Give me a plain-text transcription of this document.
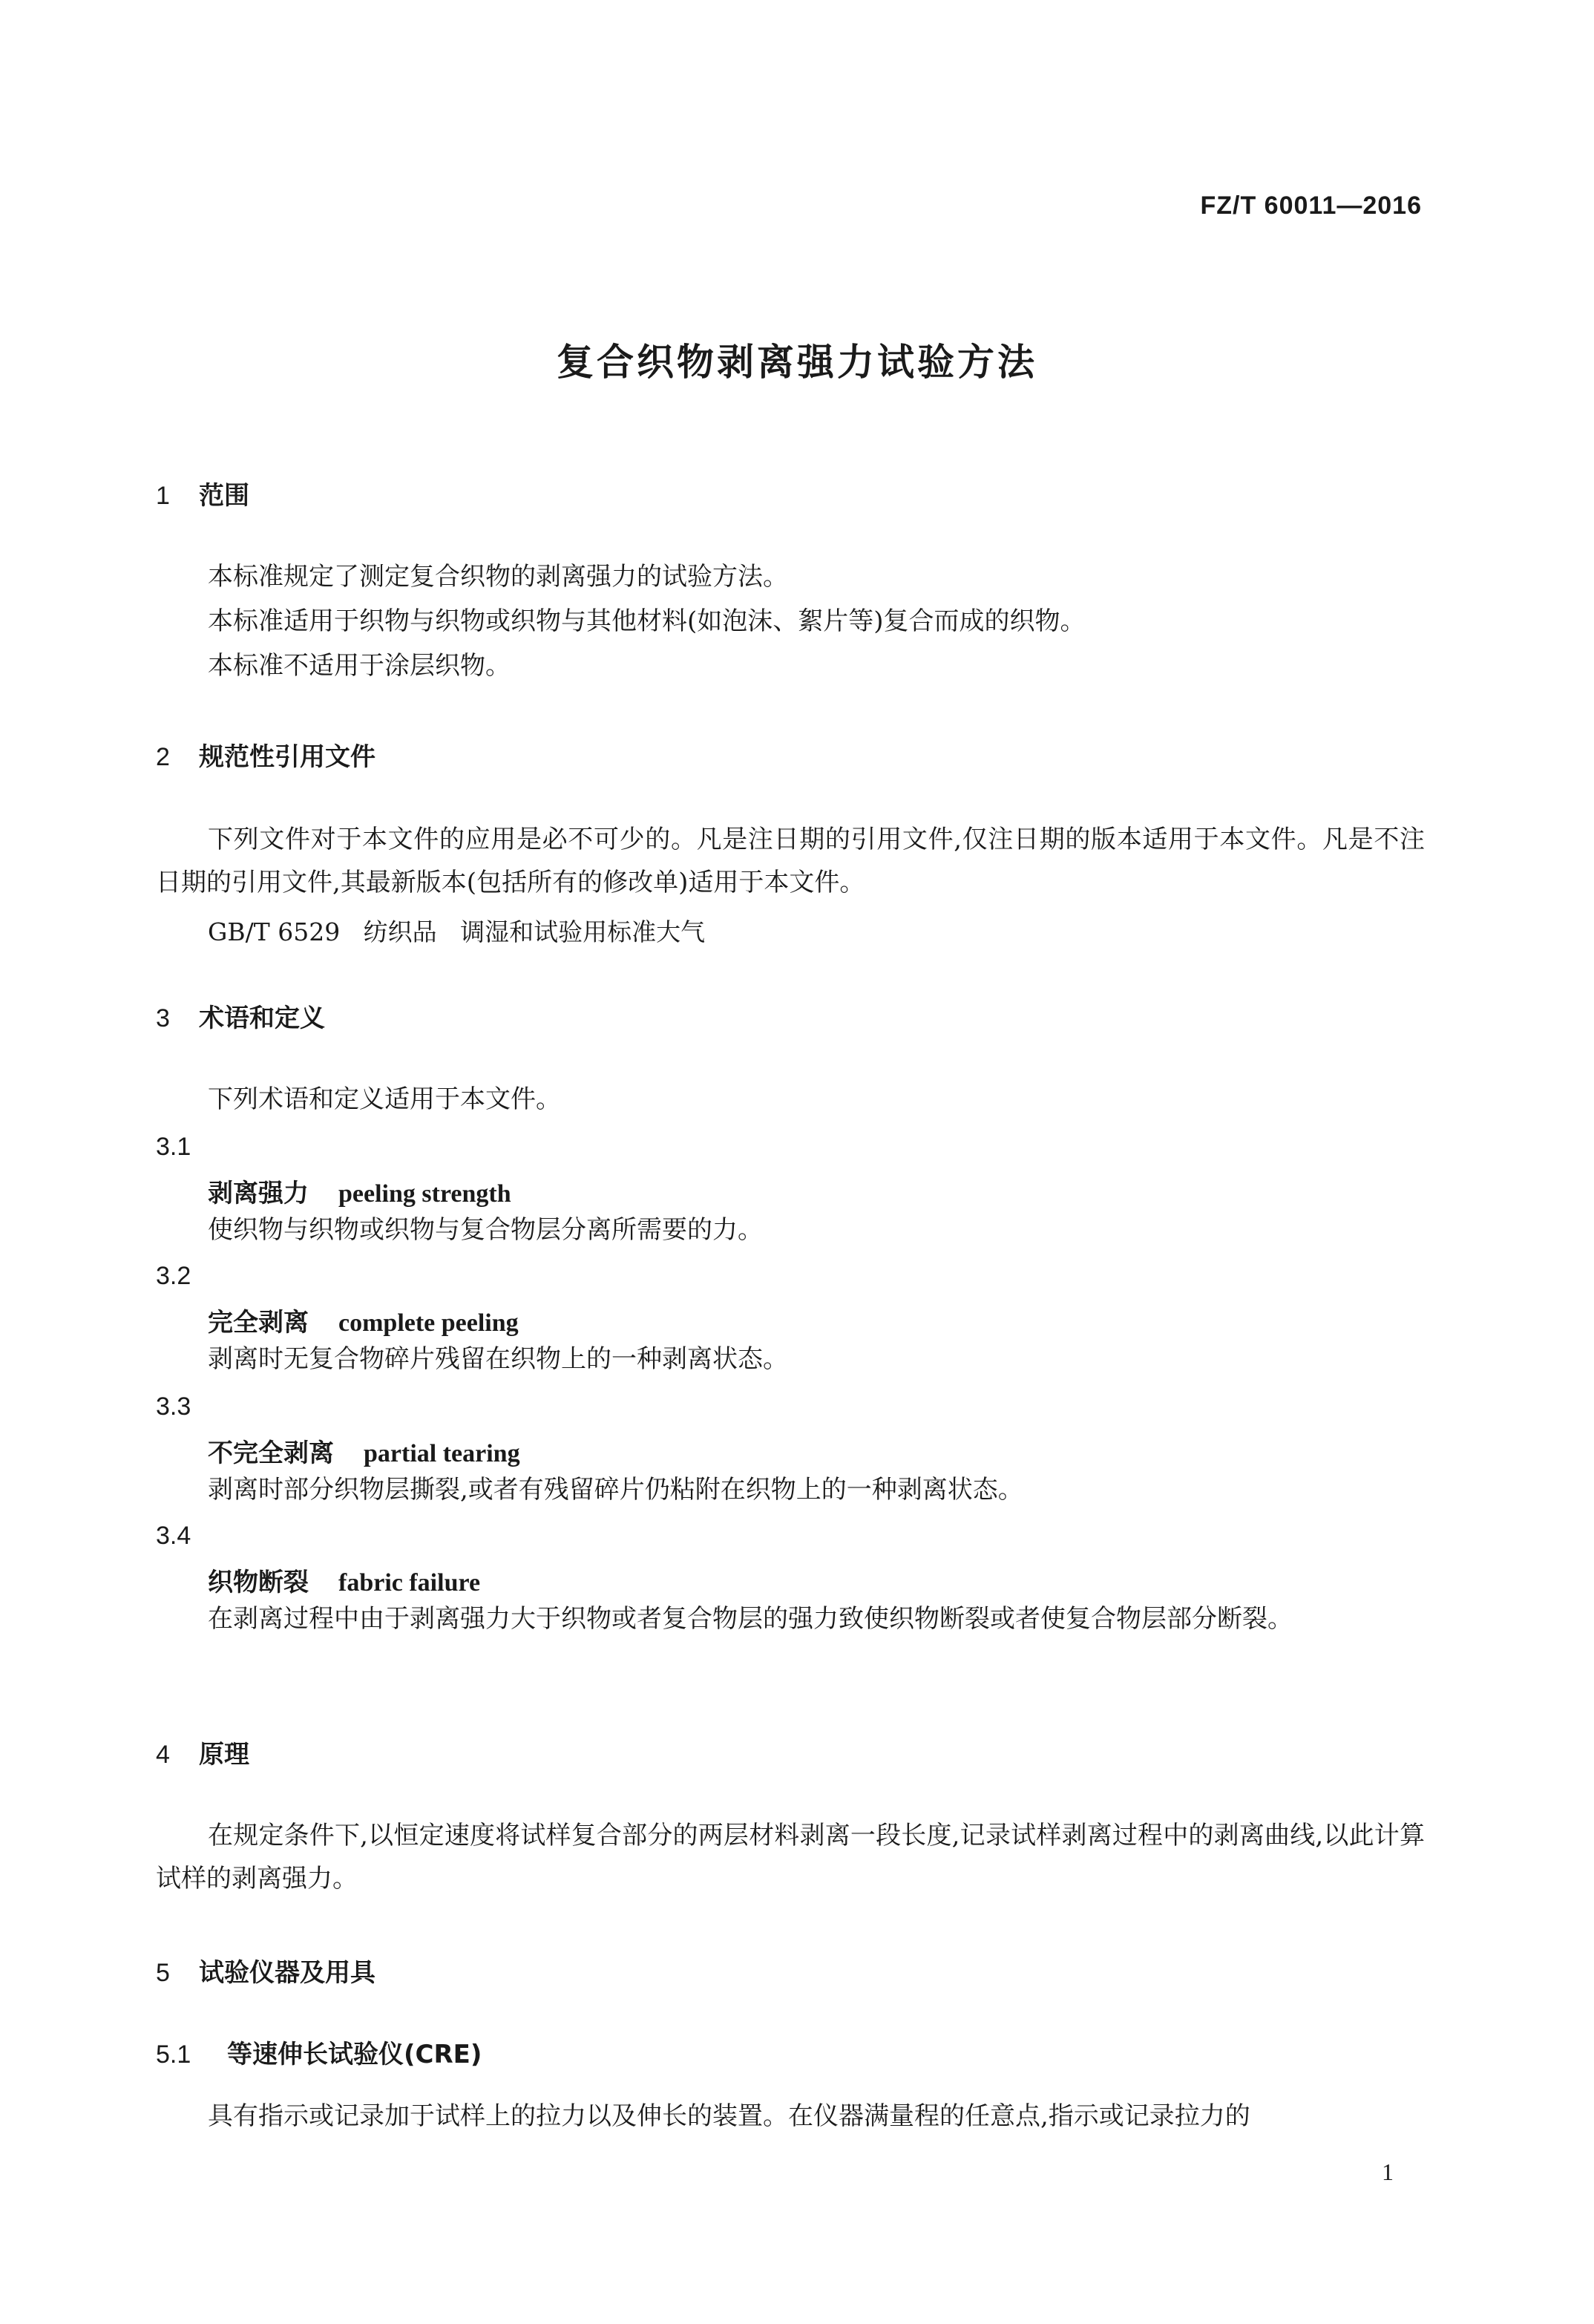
FZ/T 60011—2016
复合织物剥离强力试验方法
1 范围
本标准规定了测定复合织物的剥离强力的试验方法。
本标准适用于织物与织物或织物与其他材料(如泡沫、絮片等)复合而成的织物。
本标准不适用于涂层织物。
2 规范性引用文件
下列文件对于本文件的应用是必不可少的。凡是注日期的引用文件,仅注日期的版本适用于本文件。凡是不注日期的引用文件,其最新版本(包括所有的修改单)适用于本文件。
GB/T 6529   纺织品   调湿和试验用标准大气
3 术语和定义
下列术语和定义适用于本文件。
3.1
剥离强力 peeling strength
使织物与织物或织物与复合物层分离所需要的力。
3.2
完全剥离 complete peeling
剥离时无复合物碎片残留在织物上的一种剥离状态。
3.3
不完全剥离 partial tearing
剥离时部分织物层撕裂,或者有残留碎片仍粘附在织物上的一种剥离状态。
3.4
织物断裂 fabric failure
在剥离过程中由于剥离强力大于织物或者复合物层的强力致使织物断裂或者使复合物层部分断裂。
4 原理
在规定条件下,以恒定速度将试样复合部分的两层材料剥离一段长度,记录试样剥离过程中的剥离曲线,以此计算试样的剥离强力。
5 试验仪器及用具
5.1 等速伸长试验仪(CRE)
具有指示或记录加于试样上的拉力以及伸长的装置。在仪器满量程的任意点,指示或记录拉力的
1
